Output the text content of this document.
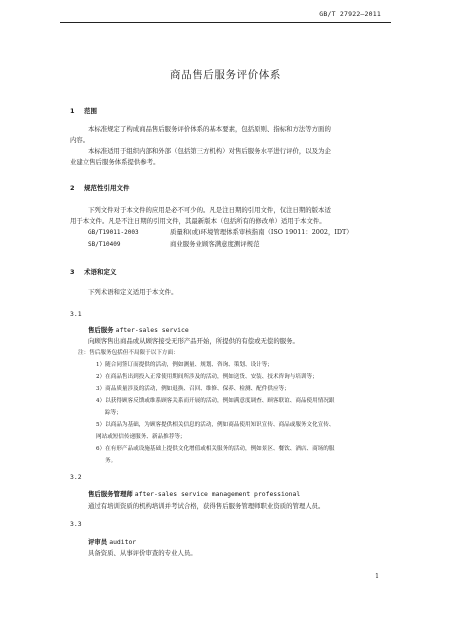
GB/T 27922—2011
商品售后服务评价体系
1 范围
本标准规定了构成商品售后服务评价体系的基本要素，包括原则、指标和方法等方面的
内容。
本标准适用于组织内部和外部（包括第三方机构）对售后服务水平进行评价，以及为企
业建立售后服务体系提供参考。
2 规范性引用文件
下列文件对于本文件的应用是必不可少的。凡是注日期的引用文件，仅注日期的版本适
用于本文件。凡是不注日期的引用文件，其最新版本（包括所有的修改单）适用于本文件。
GB/T19011-2003	质量和(或)环境管理体系审核指南（ISO 19011：2002，IDT）
SB/T10409	商业服务业顾客满意度测评规范
3 术语和定义
下列术语和定义适用于本文件。
3.1
售后服务 after-sales service
向顾客售出商品或从顾客接受无形产品开始，所提供的有偿或无偿的服务。
注：售后服务包括但不局限于以下方面：
1）随合同签订而提供的活动，例如测量、规划、咨询、策划、设计等；
2）在商品售出到投入正常使用期间所涉及的活动，例如送货、安装、技术咨询与培训等；
3）商品质量涉及的活动，例如退换、召回、维修、保养、检测、配件供应等；
4）以获得顾客反馈或维系顾客关系而开展的活动，例如满意度调查、顾客联谊、商品使用情况跟
踪等；
5）以商品为基础，为顾客提供相关信息的活动，例如商品使用知识宣传、商品或服务文化宣传、
网站或短信传递服务、新品推荐等；
6）在有形产品或设施基础上提供文化增值或相关服务的活动，例如景区、餐饮、酒店、商场的服
务。
3.2
售后服务管理师 after-sales service management professional
通过有培训资质的机构培训并考试合格，获得售后服务管理师职业资质的管理人员。
3.3
评审员 auditor
具备资质、从事评价审查的专业人员。
1
